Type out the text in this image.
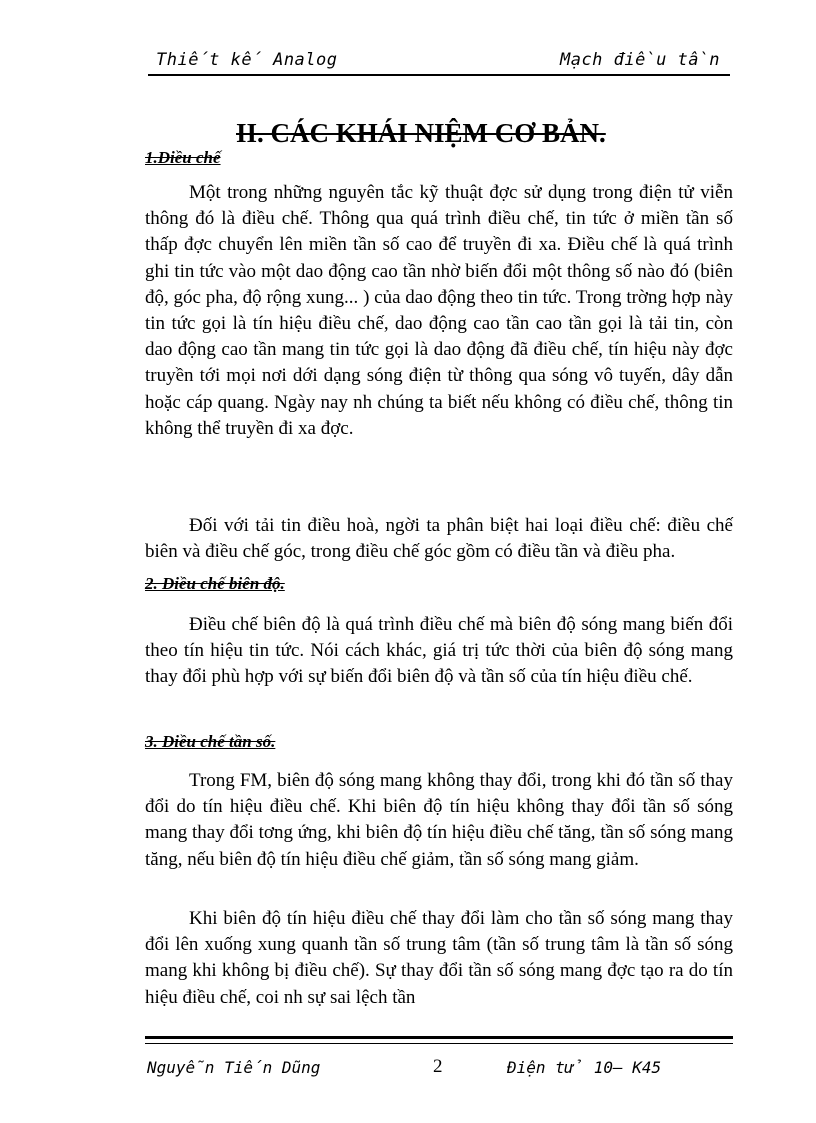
Thiết kế Analog	Mạch điều tần
II. CÁC KHÁI NIỆM CƠ BẢN.
1.Điều chế

Một trong những nguyên tắc kỹ thuật đợc sử dụng trong điện tử viễn thông đó là điều chế. Thông qua quá trình điều chế, tin tức ở miền tần số thấp đợc chuyển lên miền tần số cao để truyền đi xa. Điều chế là quá trình ghi tin tức vào một dao động cao tần nhờ biến đổi một thông số nào đó (biên độ, góc pha, độ rộng xung... ) của dao động theo tin tức. Trong trờng hợp này tin tức gọi là tín hiệu điều chế, dao động cao tần cao tần gọi là tải tin, còn dao động cao tần mang tin tức gọi là dao động đã điều chế, tín hiệu này đợc truyền tới mọi nơi dới dạng sóng điện từ thông qua sóng vô tuyến, dây dẫn hoặc cáp quang. Ngày nay nh chúng ta biết nếu không có điều chế, thông tin không thể truyền đi xa đợc.

Đối với tải tin điều hoà, ngời ta phân biệt hai loại điều chế: điều chế biên và điều chế góc, trong điều chế góc gồm có điều tần và điều pha.

2. Điều chế biên độ.

Điều chế biên độ là quá trình điều chế mà biên độ sóng mang biến đổi theo tín hiệu tin tức. Nói cách khác, giá trị tức thời của biên độ sóng mang thay đổi phù hợp với sự biến đổi biên độ và tần số của tín hiệu điều chế.

3. Điều chế tần số.

Trong FM, biên độ sóng mang không thay đổi, trong khi đó tần số thay đổi do tín hiệu điều chế. Khi biên độ tín hiệu không thay đổi tần số sóng mang thay đổi tơng ứng, khi biên độ tín hiệu điều chế tăng, tần số sóng mang tăng, nếu biên độ tín hiệu điều chế giảm, tần số sóng mang giảm.

Khi biên độ tín hiệu điều chế thay đổi làm cho tần số sóng mang thay đổi lên xuống xung quanh tần số trung tâm (tần số trung tâm là tần số sóng mang khi không bị điều chế). Sự thay đổi tần số sóng mang đợc tạo ra do tín hiệu điều chế, coi nh sự sai lệch tần

Nguyễn Tiến Dũng	2	Điện tử 10– K45
